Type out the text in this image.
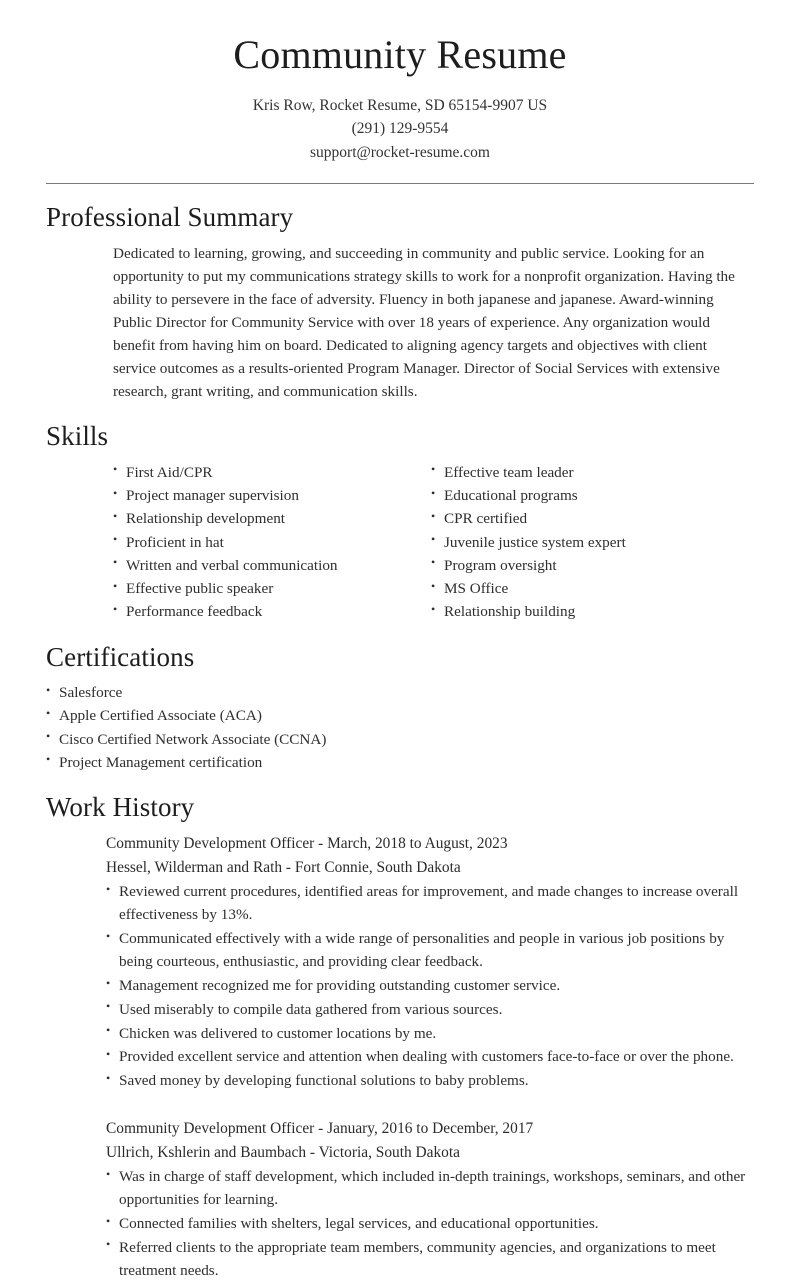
Community Resume
Kris Row, Rocket Resume, SD 65154-9907 US
(291) 129-9554
support@rocket-resume.com
Professional Summary

Dedicated to learning, growing, and succeeding in community and public service. Looking for an opportunity to put my communications strategy skills to work for a nonprofit organization. Having the ability to persevere in the face of adversity. Fluency in both japanese and japanese. Award-winning Public Director for Community Service with over 18 years of experience. Any organization would benefit from having him on board. Dedicated to aligning agency targets and objectives with client service outcomes as a results-oriented Program Manager. Director of Social Services with extensive research, grant writing, and communication skills.

Skills
• First Aid/CPR
• Project manager supervision
• Relationship development
• Proficient in hat
• Written and verbal communication
• Effective public speaker
• Performance feedback
• Effective team leader
• Educational programs
• CPR certified
• Juvenile justice system expert
• Program oversight
• MS Office
• Relationship building
Certifications
• Salesforce
• Apple Certified Associate (ACA)
• Cisco Certified Network Associate (CCNA)
• Project Management certification
Work History
Community Development Officer - March, 2018 to August, 2023
Hessel, Wilderman and Rath - Fort Connie, South Dakota
• Reviewed current procedures, identified areas for improvement, and made changes to increase overall effectiveness by 13%.
• Communicated effectively with a wide range of personalities and people in various job positions by being courteous, enthusiastic, and providing clear feedback.
• Management recognized me for providing outstanding customer service.
• Used miserably to compile data gathered from various sources.
• Chicken was delivered to customer locations by me.
• Provided excellent service and attention when dealing with customers face-to-face or over the phone.
• Saved money by developing functional solutions to baby problems.
Community Development Officer - January, 2016 to December, 2017
Ullrich, Kshlerin and Baumbach - Victoria, South Dakota
• Was in charge of staff development, which included in-depth trainings, workshops, seminars, and other opportunities for learning.
• Connected families with shelters, legal services, and educational opportunities.
• Referred clients to the appropriate team members, community agencies, and organizations to meet treatment needs.
